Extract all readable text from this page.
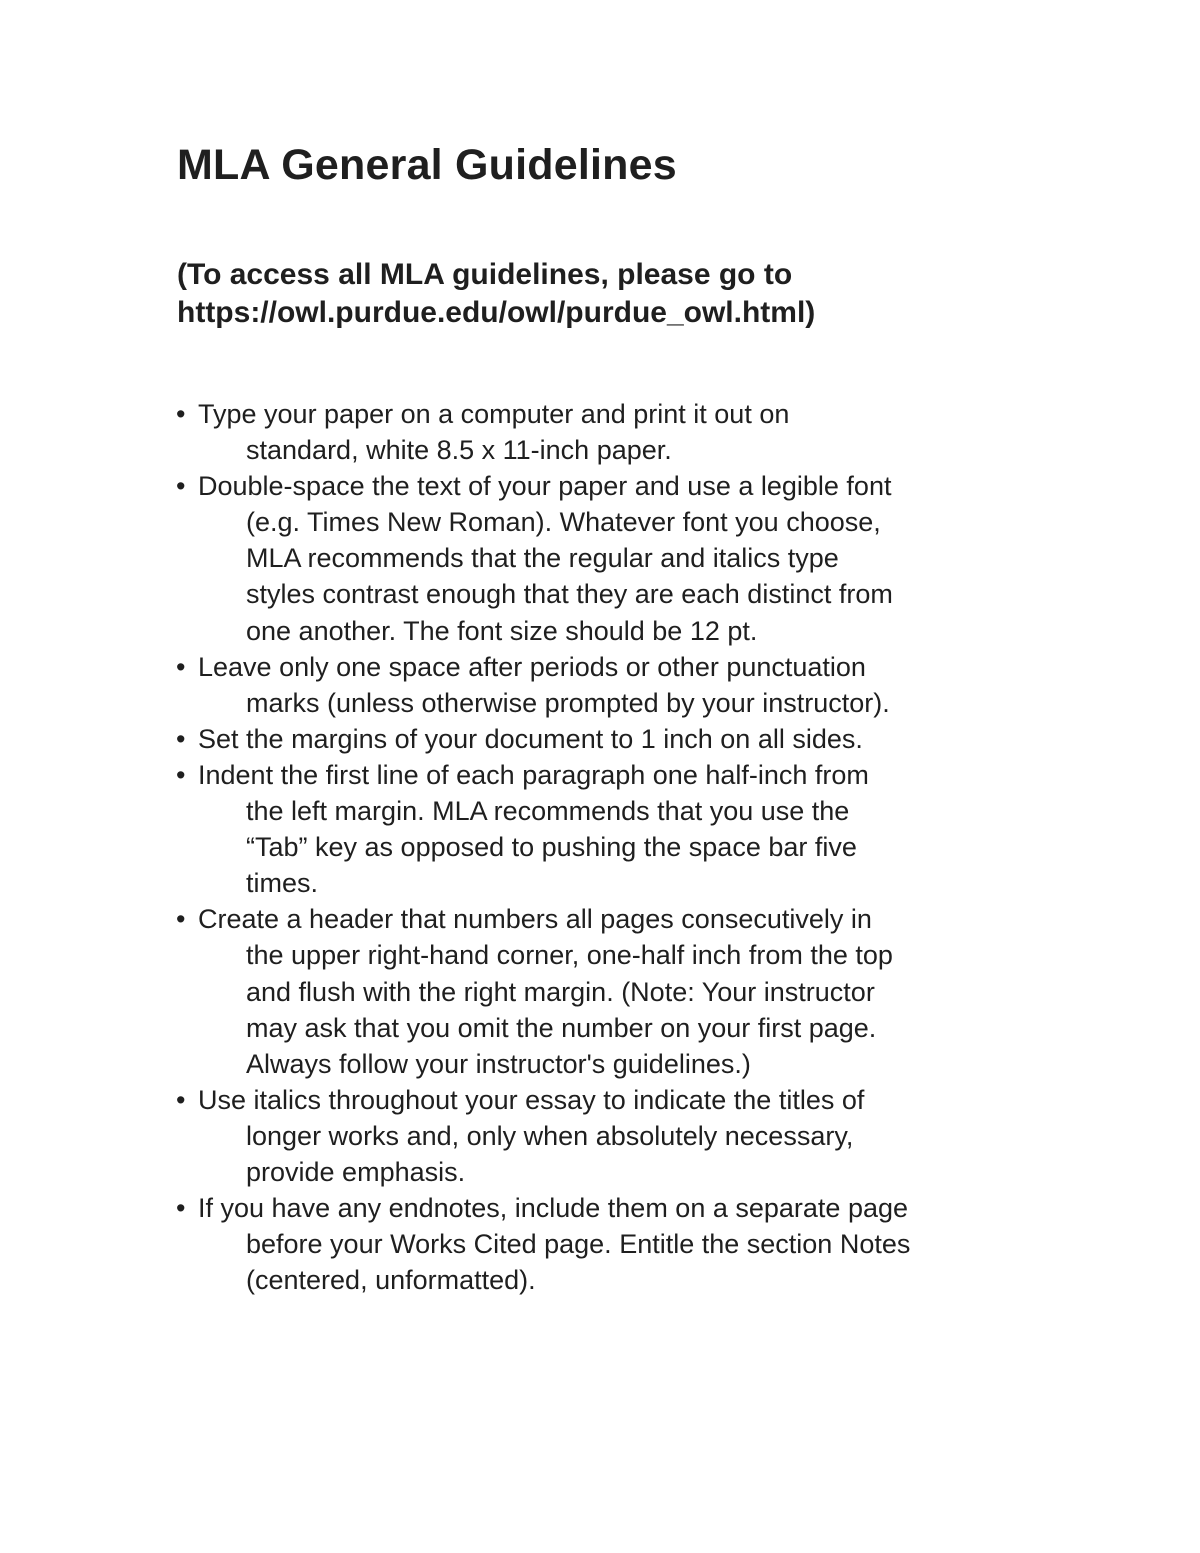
MLA General Guidelines

(To access all MLA guidelines, please go to
https://owl.purdue.edu/owl/purdue_owl.html)

• Type your paper on a computer and print it out on
standard, white 8.5 x 11-inch paper.
• Double-space the text of your paper and use a legible font
(e.g. Times New Roman). Whatever font you choose,
MLA recommends that the regular and italics type
styles contrast enough that they are each distinct from
one another. The font size should be 12 pt.
• Leave only one space after periods or other punctuation
marks (unless otherwise prompted by your instructor).
• Set the margins of your document to 1 inch on all sides.
• Indent the first line of each paragraph one half-inch from
the left margin. MLA recommends that you use the
“Tab” key as opposed to pushing the space bar five
times.
• Create a header that numbers all pages consecutively in
the upper right-hand corner, one-half inch from the top
and flush with the right margin. (Note: Your instructor
may ask that you omit the number on your first page.
Always follow your instructor's guidelines.)
• Use italics throughout your essay to indicate the titles of
longer works and, only when absolutely necessary,
provide emphasis.
• If you have any endnotes, include them on a separate page
before your Works Cited page. Entitle the section Notes
(centered, unformatted).
